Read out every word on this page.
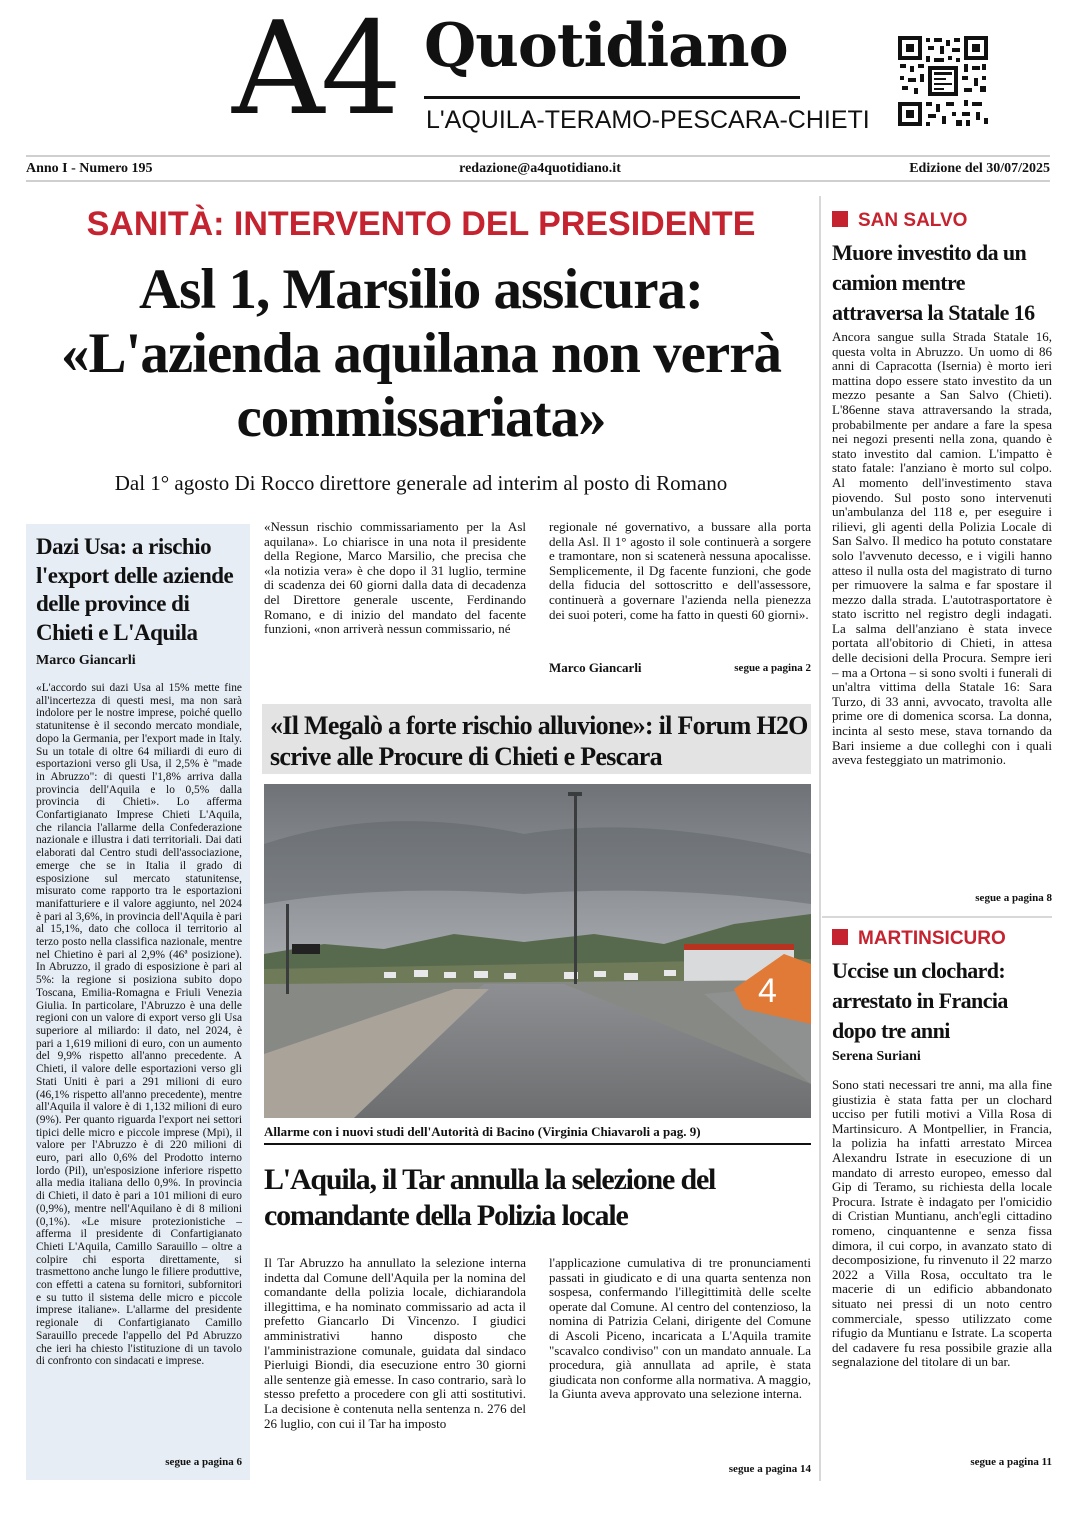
A4 Quotidiano
L'AQUILA-TERAMO-PESCARA-CHIETI
Anno I - Numero 195	redazione@a4quotidiano.it	Edizione del 30/07/2025
SANITÀ: INTERVENTO DEL PRESIDENTE
Asl 1, Marsilio assicura: «L'azienda aquilana non verrà commissariata»
Dal 1° agosto Di Rocco direttore generale ad interim al posto di Romano

«Nessun rischio commissariamento per la Asl aquilana». Lo chiarisce in una nota il presidente della Regione, Marco Marsilio, che precisa che «la notizia vera» è che dopo il 31 luglio, termine di scadenza dei 60 giorni dalla data di decadenza del Direttore generale uscente, Ferdinando Romano, e di inizio del mandato del facente funzioni, «non arriverà nessun commissario, né

regionale né governativo, a bussare alla porta della Asl. Il 1° agosto il sole continuerà a sorgere e tramontare, non si scatenerà nessuna apocalisse. Semplicemente, il Dg facente funzioni, che gode della fiducia del sottoscritto e dell'assessore, continuerà a governare l'azienda nella pienezza dei suoi poteri, come ha fatto in questi 60 giorni».

Marco Giancarli	segue a pagina 2
Dazi Usa: a rischio l'export delle aziende delle province di Chieti e L'Aquila
Marco Giancarli

«L'accordo sui dazi Usa al 15% mette fine all'incertezza di questi mesi, ma non sarà indolore per le nostre imprese, poiché quello statunitense è il secondo mercato mondiale, dopo la Germania, per l'export made in Italy. Su un totale di oltre 64 miliardi di euro di esportazioni verso gli Usa, il 2,5% è "made in Abruzzo": di questi l'1,8% arriva dalla provincia dell'Aquila e lo 0,5% dalla provincia di Chieti». Lo afferma Confartigianato Imprese Chieti L'Aquila, che rilancia l'allarme della Confederazione nazionale e illustra i dati territoriali. Dai dati elaborati dal Centro studi dell'associazione, emerge che se in Italia il grado di esposizione sul mercato statunitense, misurato come rapporto tra le esportazioni manifatturiere e il valore aggiunto, nel 2024 è pari al 3,6%, in provincia dell'Aquila è pari al 15,1%, dato che colloca il territorio al terzo posto nella classifica nazionale, mentre nel Chietino è pari al 2,9% (46ª posizione). In Abruzzo, il grado di esposizione è pari al 5%: la regione si posiziona subito dopo Toscana, Emilia-Romagna e Friuli Venezia Giulia. In particolare, l'Abruzzo è una delle regioni con un valore di export verso gli Usa superiore al miliardo: il dato, nel 2024, è pari a 1,619 milioni di euro, con un aumento del 9,9% rispetto all'anno precedente. A Chieti, il valore delle esportazioni verso gli Stati Uniti è pari a 291 milioni di euro (46,1% rispetto all'anno precedente), mentre all'Aquila il valore è di 1,132 milioni di euro (9%). Per quanto riguarda l'export nei settori tipici delle micro e piccole imprese (Mpi), il valore per l'Abruzzo è di 220 milioni di euro, pari allo 0,6% del Prodotto interno lordo (Pil), un'esposizione inferiore rispetto alla media italiana dello 0,9%. In provincia di Chieti, il dato è pari a 101 milioni di euro (0,9%), mentre nell'Aquilano è di 8 milioni (0,1%). «Le misure protezionistiche – afferma il presidente di Confartigianato Chieti L'Aquila, Camillo Sarauillo – oltre a colpire chi esporta direttamente, si trasmettono anche lungo le filiere produttive, con effetti a catena su fornitori, subfornitori e su tutto il sistema delle micro e piccole imprese italiane». L'allarme del presidente regionale di Confartigianato Camillo Sarauillo precede l'appello del Pd Abruzzo che ieri ha chiesto l'istituzione di un tavolo di confronto con sindacati e imprese.

segue a pagina 6
«Il Megalò a forte rischio alluvione»: il Forum H2O scrive alle Procure di Chieti e Pescara
4
Allarme con i nuovi studi dell'Autorità di Bacino (Virginia Chiavaroli a pag. 9)
L'Aquila, il Tar annulla la selezione del comandante della Polizia locale

Il Tar Abruzzo ha annullato la selezione interna indetta dal Comune dell'Aquila per la nomina del comandante della polizia locale, dichiarandola illegittima, e ha nominato commissario ad acta il prefetto Giancarlo Di Vincenzo. I giudici amministrativi hanno disposto che l'amministrazione comunale, guidata dal sindaco Pierluigi Biondi, dia esecuzione entro 30 giorni alle sentenze già emesse. In caso contrario, sarà lo stesso prefetto a procedere con gli atti sostitutivi. La decisione è contenuta nella sentenza n. 276 del 26 luglio, con cui il Tar ha imposto

l'applicazione cumulativa di tre pronunciamenti passati in giudicato e di una quarta sentenza non sospesa, confermando l'illegittimità delle scelte operate dal Comune. Al centro del contenzioso, la nomina di Patrizia Celani, dirigente del Comune di Ascoli Piceno, incaricata a L'Aquila tramite "scavalco condiviso" con un mandato annuale. La procedura, già annullata ad aprile, è stata giudicata non conforme alla normativa. A maggio, la Giunta aveva approvato una selezione interna.

segue a pagina 14
SAN SALVO
Muore investito da un camion mentre attraversa la Statale 16

Ancora sangue sulla Strada Statale 16, questa volta in Abruzzo. Un uomo di 86 anni di Capracotta (Isernia) è morto ieri mattina dopo essere stato investito da un mezzo pesante a San Salvo (Chieti). L'86enne stava attraversando la strada, probabilmente per andare a fare la spesa nei negozi presenti nella zona, quando è stato investito dal camion. L'impatto è stato fatale: l'anziano è morto sul colpo. Al momento dell'investimento stava piovendo. Sul posto sono intervenuti un'ambulanza del 118 e, per eseguire i rilievi, gli agenti della Polizia Locale di San Salvo. Il medico ha potuto constatare solo l'avvenuto decesso, e i vigili hanno atteso il nulla osta del magistrato di turno per rimuovere la salma e far spostare il mezzo dalla strada. L'autotrasportatore è stato iscritto nel registro degli indagati. La salma dell'anziano è stata invece portata all'obitorio di Chieti, in attesa delle decisioni della Procura. Sempre ieri – ma a Ortona – si sono svolti i funerali di un'altra vittima della Statale 16: Sara Turzo, di 33 anni, avvocato, travolta alle prime ore di domenica scorsa. La donna, incinta al sesto mese, stava tornando da Bari insieme a due colleghi con i quali aveva festeggiato un matrimonio.

segue a pagina 8
MARTINSICURO
Uccise un clochard: arrestato in Francia dopo tre anni
Serena Suriani

Sono stati necessari tre anni, ma alla fine giustizia è stata fatta per un clochard ucciso per futili motivi a Villa Rosa di Martinsicuro. A Montpellier, in Francia, la polizia ha infatti arrestato Mircea Alexandru Istrate in esecuzione di un mandato di arresto europeo, emesso dal Gip di Teramo, su richiesta della locale Procura. Istrate è indagato per l'omicidio di Cristian Muntianu, anch'egli cittadino romeno, cinquantenne e senza fissa dimora, il cui corpo, in avanzato stato di decomposizione, fu rinvenuto il 22 marzo 2022 a Villa Rosa, occultato tra le macerie di un edificio abbandonato situato nei pressi di un noto centro commerciale, spesso utilizzato come rifugio da Muntianu e Istrate. La scoperta del cadavere fu resa possibile grazie alla segnalazione del titolare di un bar.

segue a pagina 11
